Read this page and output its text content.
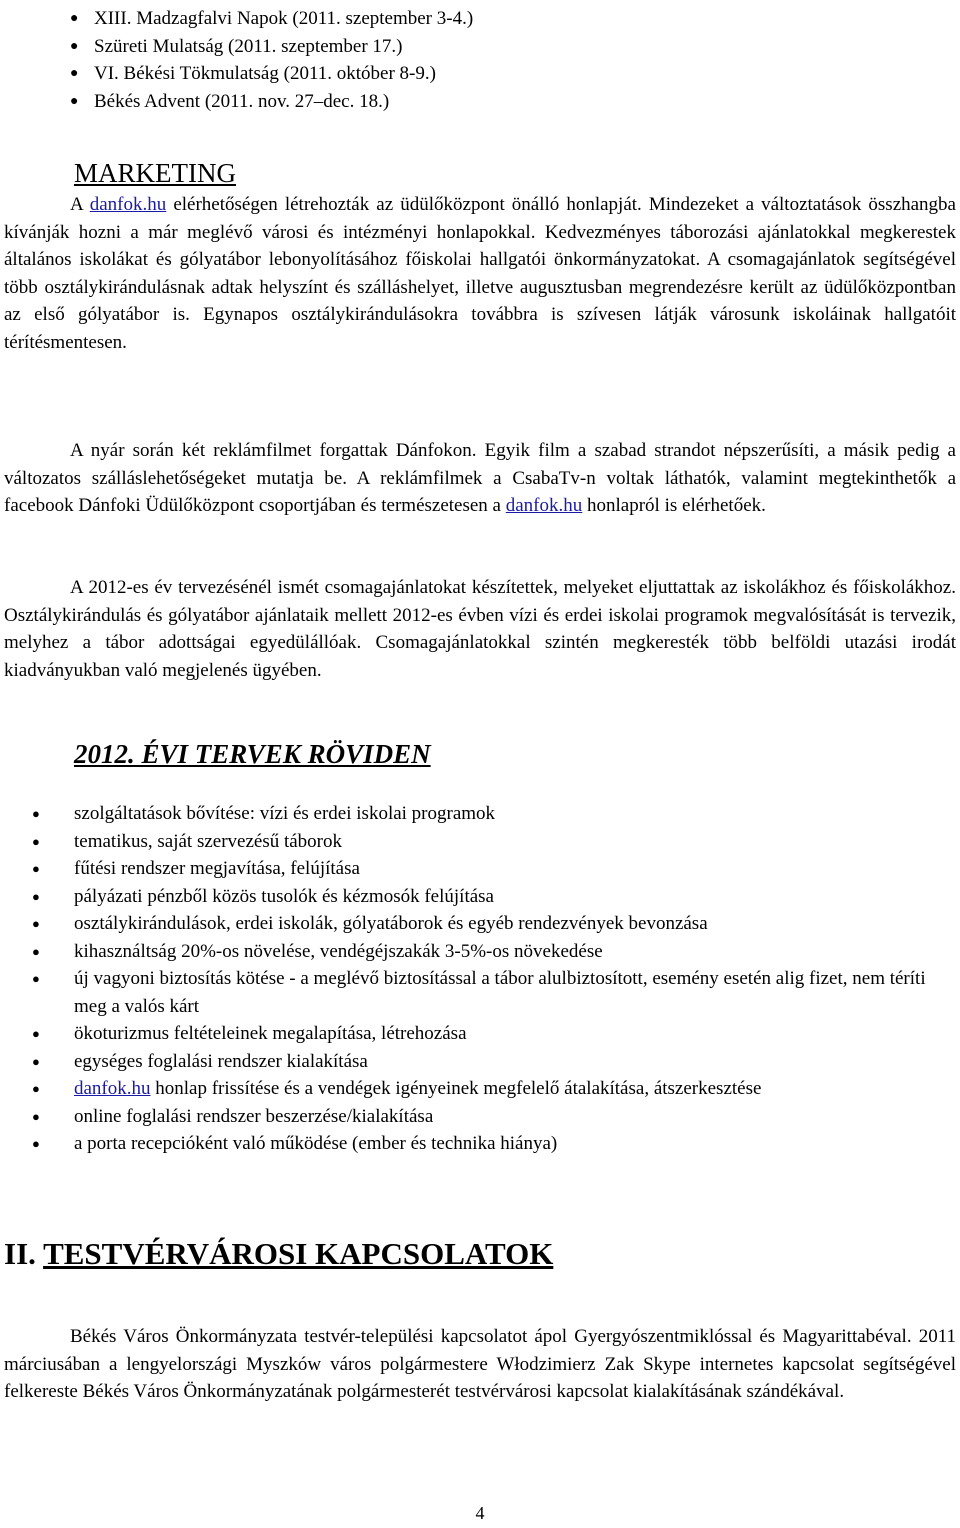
● XIII. Madzagfalvi Napok (2011. szeptember 3-4.)
● Szüreti Mulatság (2011. szeptember 17.)
● VI. Békési Tökmulatság (2011. október 8-9.)
● Békés Advent (2011. nov. 27–dec. 18.)
MARKETING

A danfok.hu elérhetőségen létrehozták az üdülőközpont önálló honlapját. Mindezeket a változtatások összhangba kívánják hozni a már meglévő városi és intézményi honlapokkal. Kedvezményes táborozási ajánlatokkal megkerestek általános iskolákat és gólyatábor lebonyolításához főiskolai hallgatói önkormányzatokat. A csomagajánlatok segítségével több osztálykirándulásnak adtak helyszínt és szálláshelyet, illetve augusztusban megrendezésre került az üdülőközpontban az első gólyatábor is. Egynapos osztálykirándulásokra továbbra is szívesen látják városunk iskoláinak hallgatóit térítésmentesen.

A nyár során két reklámfilmet forgattak Dánfokon. Egyik film a szabad strandot népszerűsíti, a másik pedig a változatos szálláslehetőségeket mutatja be. A reklámfilmek a CsabaTv-n voltak láthatók, valamint megtekinthetők a facebook Dánfoki Üdülőközpont csoportjában és természetesen a danfok.hu honlapról is elérhetőek.

A 2012-es év tervezésénél ismét csomagajánlatokat készítettek, melyeket eljuttattak az iskolákhoz és főiskolákhoz. Osztálykirándulás és gólyatábor ajánlataik mellett 2012-es évben vízi és erdei iskolai programok megvalósítását is tervezik, melyhez a tábor adottságai egyedülállóak. Csomagajánlatokkal szintén megkeresték több belföldi utazási irodát kiadványukban való megjelenés ügyében.

2012. ÉVI TERVEK RÖVIDEN
● szolgáltatások bővítése: vízi és erdei iskolai programok
● tematikus, saját szervezésű táborok
● fűtési rendszer megjavítása, felújítása
● pályázati pénzből közös tusolók és kézmosók felújítása
● osztálykirándulások, erdei iskolák, gólyatáborok és egyéb rendezvények bevonzása
● kihasználtság 20%-os növelése, vendégéjszakák 3-5%-os növekedése
● új vagyoni biztosítás kötése - a meglévő biztosítással a tábor alulbiztosított, esemény esetén alig fizet, nem téríti meg a valós kárt
● ökoturizmus feltételeinek megalapítása, létrehozása
● egységes foglalási rendszer kialakítása
● danfok.hu honlap frissítése és a vendégek igényeinek megfelelő átalakítása, átszerkesztése
● online foglalási rendszer beszerzése/kialakítása
● a porta recepcióként való működése (ember és technika hiánya)
II. TESTVÉRVÁROSI KAPCSOLATOK

Békés Város Önkormányzata testvér-települési kapcsolatot ápol Gyergyószentmiklóssal és Magyarittabéval. 2011 márciusában a lengyelországi Myszków város polgármestere Włodzimierz Zak Skype internetes kapcsolat segítségével felkereste Békés Város Önkormányzatának polgármesterét testvérvárosi kapcsolat kialakításának szándékával.

4
